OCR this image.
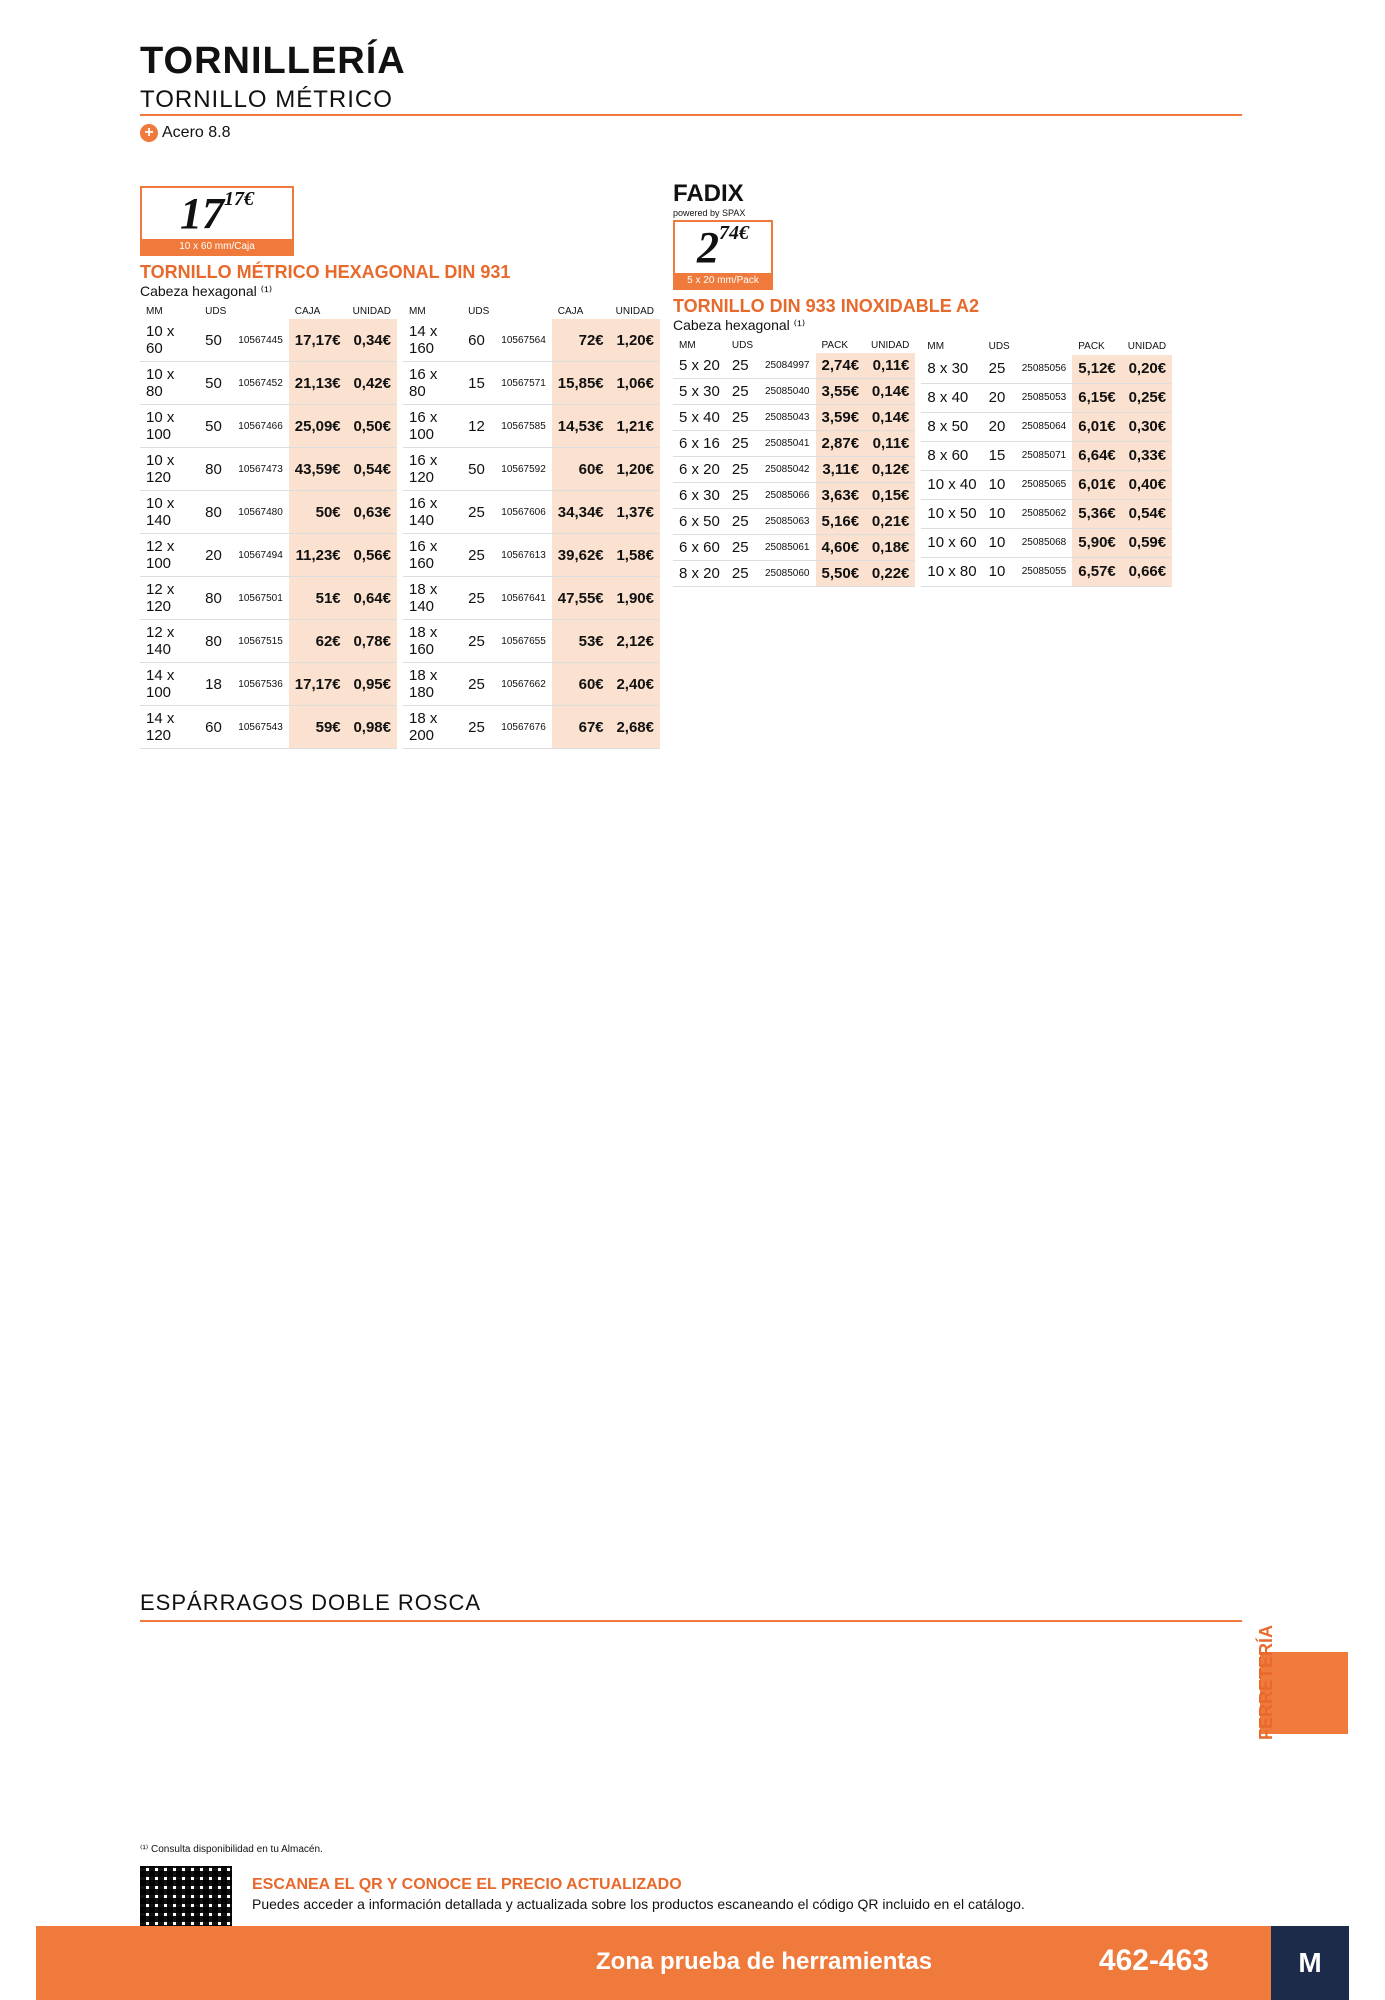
TORNILLERÍA
TORNILLO MÉTRICO
+ Acero 8.8
$17^{17€}$
10 x 60 mm/Caja
TORNILLO MÉTRICO HEXAGONAL DIN 931
Cabeza hexagonal ⁽¹⁾
MM	UDS		CAJA	UNIDAD
10 x 60	50	10567445	17,17€	0,34€
10 x 80	50	10567452	21,13€	0,42€
10 x 100	50	10567466	25,09€	0,50€
10 x 120	80	10567473	43,59€	0,54€
10 x 140	80	10567480	50€	0,63€
12 x 100	20	10567494	11,23€	0,56€
12 x 120	80	10567501	51€	0,64€
12 x 140	80	10567515	62€	0,78€
14 x 100	18	10567536	17,17€	0,95€
14 x 120	60	10567543	59€	0,98€
MM	UDS		CAJA	UNIDAD
14 x 160	60	10567564	72€	1,20€
16 x 80	15	10567571	15,85€	1,06€
16 x 100	12	10567585	14,53€	1,21€
16 x 120	50	10567592	60€	1,20€
16 x 140	25	10567606	34,34€	1,37€
16 x 160	25	10567613	39,62€	1,58€
18 x 140	25	10567641	47,55€	1,90€
18 x 160	25	10567655	53€	2,12€
18 x 180	25	10567662	60€	2,40€
18 x 200	25	10567676	67€	2,68€
FADIX
powered by SPAX
$2^{74€}$
5 x 20 mm/Pack
TORNILLO DIN 933 INOXIDABLE A2
Cabeza hexagonal ⁽¹⁾
MM	UDS		PACK	UNIDAD
5 x 20	25	25084997	2,74€	0,11€
5 x 30	25	25085040	3,55€	0,14€
5 x 40	25	25085043	3,59€	0,14€
6 x 16	25	25085041	2,87€	0,11€
6 x 20	25	25085042	3,11€	0,12€
6 x 30	25	25085066	3,63€	0,15€
6 x 50	25	25085063	5,16€	0,21€
6 x 60	25	25085061	4,60€	0,18€
8 x 20	25	25085060	5,50€	0,22€
MM	UDS		PACK	UNIDAD
8 x 30	25	25085056	5,12€	0,20€
8 x 40	20	25085053	6,15€	0,25€
8 x 50	20	25085064	6,01€	0,30€
8 x 60	15	25085071	6,64€	0,33€
10 x 40	10	25085065	6,01€	0,40€
10 x 50	10	25085062	5,36€	0,54€
10 x 60	10	25085068	5,90€	0,59€
10 x 80	10	25085055	6,57€	0,66€
ESPÁRRAGOS DOBLE ROSCA
FERRETERÍA
⁽¹⁾ Consulta disponibilidad en tu Almacén.
ESCANEA EL QR Y CONOCE EL PRECIO ACTUALIZADO
Puedes acceder a información detallada y actualizada sobre los productos escaneando el código QR incluido en el catálogo.
Zona prueba de herramientas	462-463	M
